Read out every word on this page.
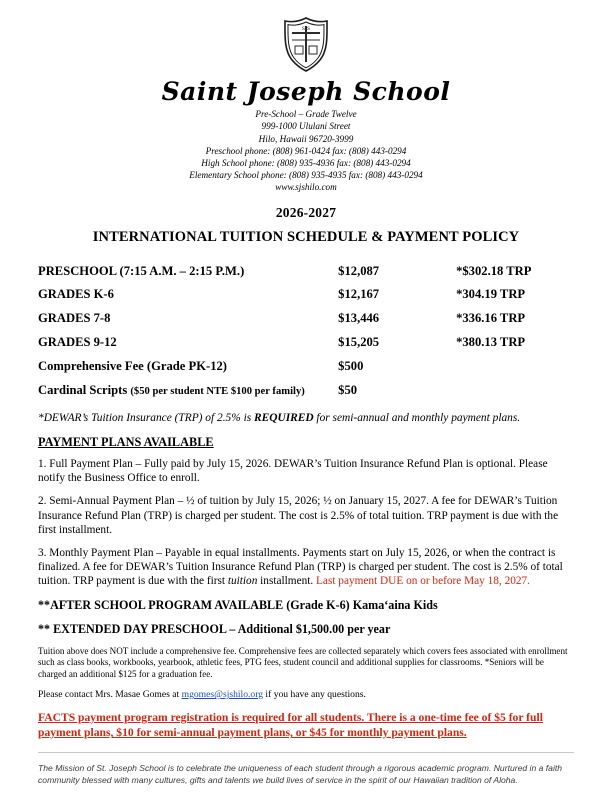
SJS
Saint Joseph School
Pre-School – Grade Twelve
999-1000 Ululani Street
Hilo, Hawaii 96720-3999
Preschool phone: (808) 961-0424 fax: (808) 443-0294
High School phone: (808) 935-4936 fax: (808) 443-0294
Elementary School phone: (808) 935-4935 fax: (808) 443-0294
www.sjshilo.com
2026-2027
INTERNATIONAL TUITION SCHEDULE & PAYMENT POLICY
PRESCHOOL (7:15 A.M. – 2:15 P.M.)	$12,087	*$302.18 TRP
GRADES K-6	$12,167	*304.19 TRP
GRADES 7-8	$13,446	*336.16 TRP
GRADES 9-12	$15,205	*380.13 TRP
Comprehensive Fee (Grade PK-12)	$500	
Cardinal Scripts ($50 per student NTE $100 per family)	$50	
*DEWAR’s Tuition Insurance (TRP) of 2.5% is REQUIRED for semi-annual and monthly payment plans.
PAYMENT PLANS AVAILABLE
1. Full Payment Plan – Fully paid by July 15, 2026. DEWAR’s Tuition Insurance Refund Plan is optional. Please notify the Business Office to enroll.
2. Semi-Annual Payment Plan – ½ of tuition by July 15, 2026; ½ on January 15, 2027. A fee for DEWAR’s Tuition Insurance Refund Plan (TRP) is charged per student. The cost is 2.5% of total tuition. TRP payment is due with the first installment.
3. Monthly Payment Plan – Payable in equal installments. Payments start on July 15, 2026, or when the contract is finalized. A fee for DEWAR’s Tuition Insurance Refund Plan (TRP) is charged per student. The cost is 2.5% of total tuition. TRP payment is due with the first tuition installment. Last payment DUE on or before May 18, 2027.
**AFTER SCHOOL PROGRAM AVAILABLE (Grade K-6) Kama‘aina Kids
** EXTENDED DAY PRESCHOOL – Additional $1,500.00 per year
Tuition above does NOT include a comprehensive fee. Comprehensive fees are collected separately which covers fees associated with enrollment such as class books, workbooks, yearbook, athletic fees, PTG fees, student council and additional supplies for classrooms. *Seniors will be charged an additional $125 for a graduation fee.
Please contact Mrs. Masae Gomes at mgomes@sjshilo.org if you have any questions.
FACTS payment program registration is required for all students. There is a one-time fee of $5 for full payment plans, $10 for semi-annual payment plans, or $45 for monthly payment plans.
The Mission of St. Joseph School is to celebrate the uniqueness of each student through a rigorous academic program. Nurtured in a faith community blessed with many cultures, gifts and talents we build lives of service in the spirit of our Hawaiian tradition of Aloha.
